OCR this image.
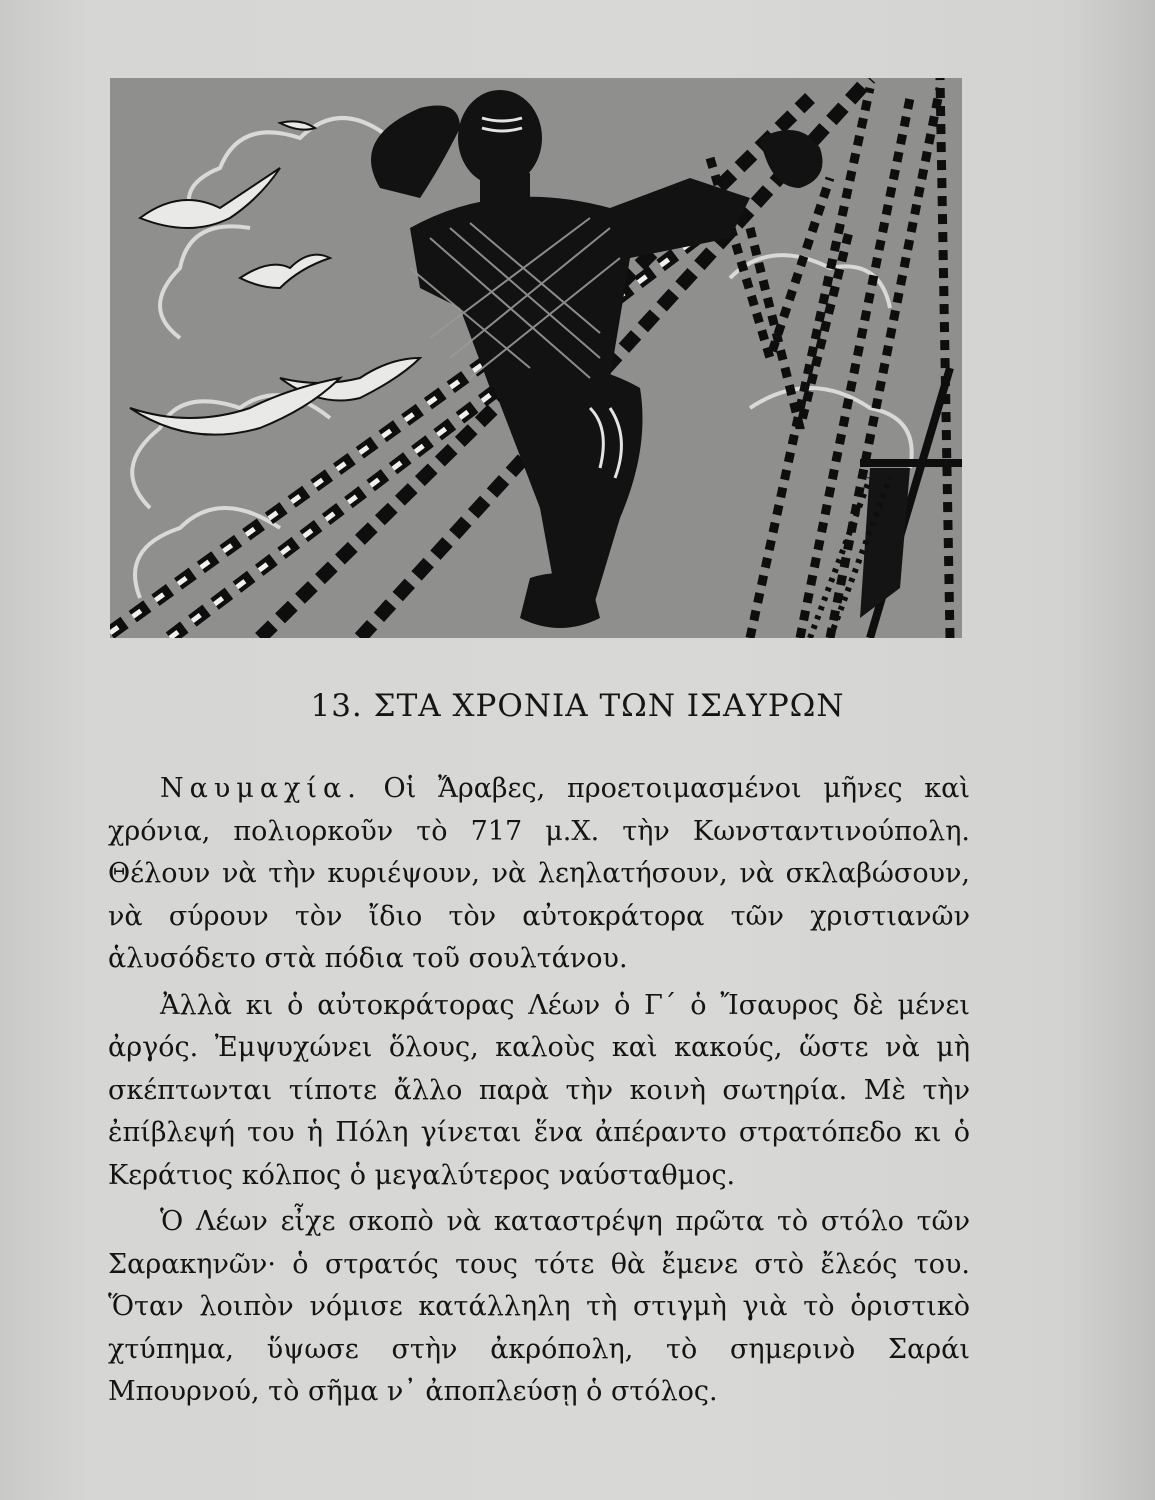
13. ΣΤΑ ΧΡΟΝΙΑ ΤΩΝ ΙΣΑΥΡΩΝ

Ναυμαχία. Οἱ Ἄραβες, προετοιμασμένοι μῆνες καὶ χρόνια, πολιορκοῦν τὸ 717 μ.Χ. τὴν Κωνσταντινούπολη. Θέλουν νὰ τὴν κυριέψουν, νὰ λεηλατήσουν, νὰ σκλαβώσουν, νὰ σύρουν τὸν ἴδιο τὸν αὐτοκράτορα τῶν χριστιανῶν ἁλυσόδετο στὰ πόδια τοῦ σουλτάνου.

Ἀλλὰ κι ὁ αὐτοκράτορας Λέων ὁ Γ΄ ὁ Ἴσαυρος δὲ μένει ἀργός. Ἐμψυχώνει ὅλους, καλοὺς καὶ κακούς, ὥστε νὰ μὴ σκέπτωνται τίποτε ἄλλο παρὰ τὴν κοινὴ σωτηρία. Μὲ τὴν ἐπίβλεψή του ἡ Πόλη γίνεται ἕνα ἀπέραντο στρατόπεδο κι ὁ Κεράτιος κόλπος ὁ μεγαλύτερος ναύσταθμος.

Ὁ Λέων εἶχε σκοπὸ νὰ καταστρέψη πρῶτα τὸ στόλο τῶν Σαρακηνῶν· ὁ στρατός τους τότε θὰ ἔμενε στὸ ἔλεός του. Ὅταν λοιπὸν νόμισε κατάλληλη τὴ στιγμὴ γιὰ τὸ ὁριστικὸ χτύπημα, ὕψωσε στὴν ἀκρόπολη, τὸ σημερινὸ Σαράι Μπουρνού, τὸ σῆμα ν᾿ ἀποπλεύσῃ ὁ στόλος.
